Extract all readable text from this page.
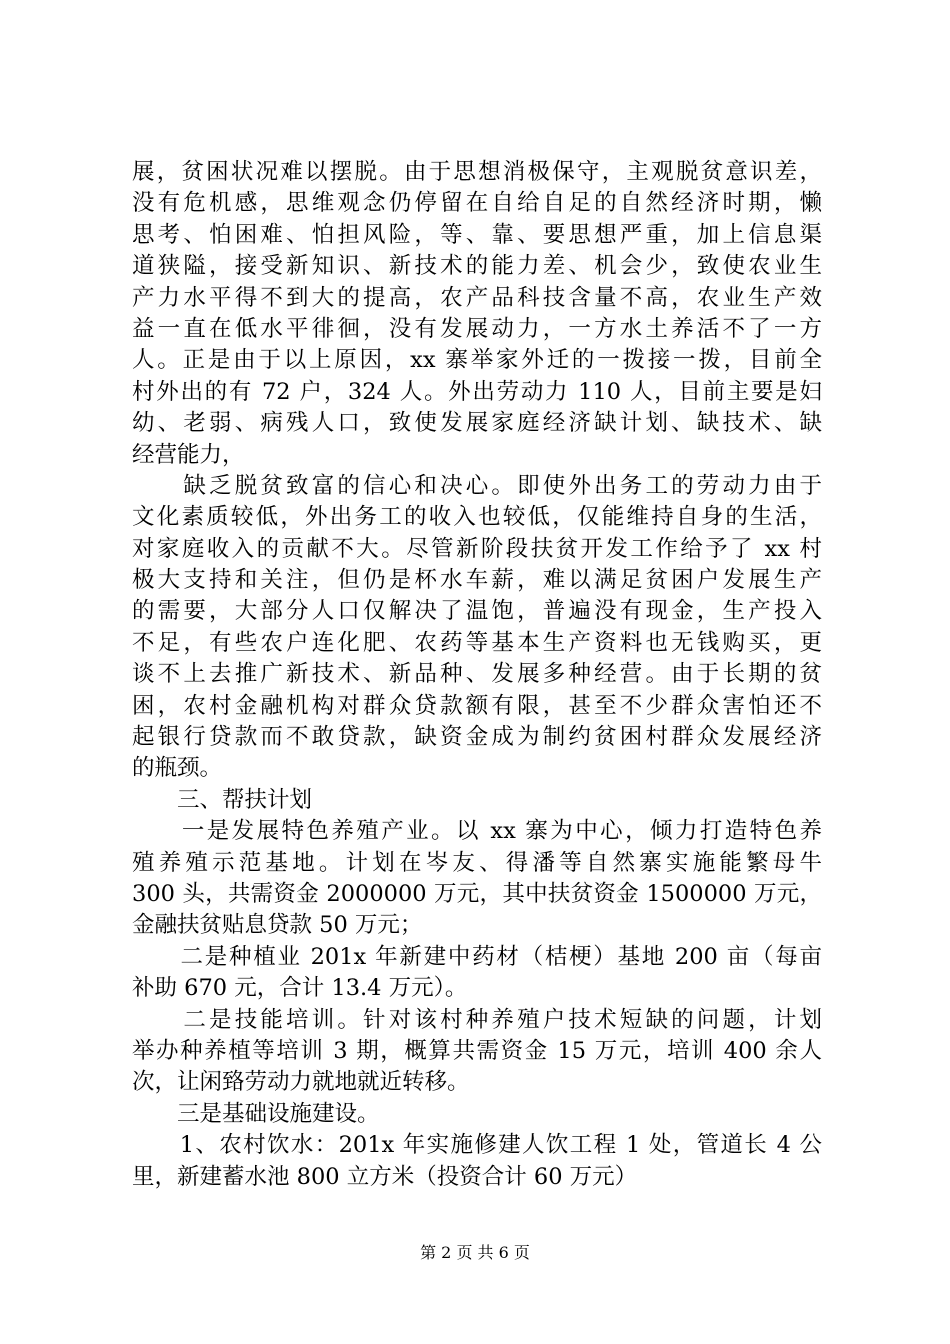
展，贫困状况难以摆脱。由于思想消极保守，主观脱贫意识差，
没有危机感，思维观念仍停留在自给自足的自然经济时期，懒
思考、怕困难、怕担风险，等、靠、要思想严重，加上信息渠
道狭隘，接受新知识、新技术的能力差、机会少，致使农业生
产力水平得不到大的提高，农产品科技含量不高，农业生产效
益一直在低水平徘徊，没有发展动力，一方水土养活不了一方
人。正是由于以上原因，xx 寨举家外迁的一拨接一拨，目前全
村外出的有 72 户，324 人。外出劳动力 110 人，目前主要是妇
幼、老弱、病残人口，致使发展家庭经济缺计划、缺技术、缺
经营能力，
　　缺乏脱贫致富的信心和决心。即使外出务工的劳动力由于
文化素质较低，外出务工的收入也较低，仅能维持自身的生活，
对家庭收入的贡献不大。尽管新阶段扶贫开发工作给予了 xx 村
极大支持和关注，但仍是杯水车薪，难以满足贫困户发展生产
的需要，大部分人口仅解决了温饱，普遍没有现金，生产投入
不足，有些农户连化肥、农药等基本生产资料也无钱购买，更
谈不上去推广新技术、新品种、发展多种经营。由于长期的贫
困，农村金融机构对群众贷款额有限，甚至不少群众害怕还不
起银行贷款而不敢贷款，缺资金成为制约贫困村群众发展经济
的瓶颈。
　　三、帮扶计划
　　一是发展特色养殖产业。以 xx 寨为中心，倾力打造特色养
殖养殖示范基地。计划在岑友、得潘等自然寨实施能繁母牛
300 头，共需资金 2000000 万元，其中扶贫资金 1500000 万元，
金融扶贫贴息贷款 50 万元；
　　二是种植业 201x 年新建中药材（桔梗）基地 200 亩（每亩
补助 670 元，合计 13.4 万元）。
　　二是技能培训。针对该村种养殖户技术短缺的问题，计划
举办种养植等培训 3 期，概算共需资金 15 万元，培训 400 余人
次，让闲臵劳动力就地就近转移。
　　三是基础设施建设。
　　1、农村饮水：201x 年实施修建人饮工程 1 处，管道长 4 公
里，新建蓄水池 800 立方米（投资合计 60 万元）
第 2 页 共 6 页
